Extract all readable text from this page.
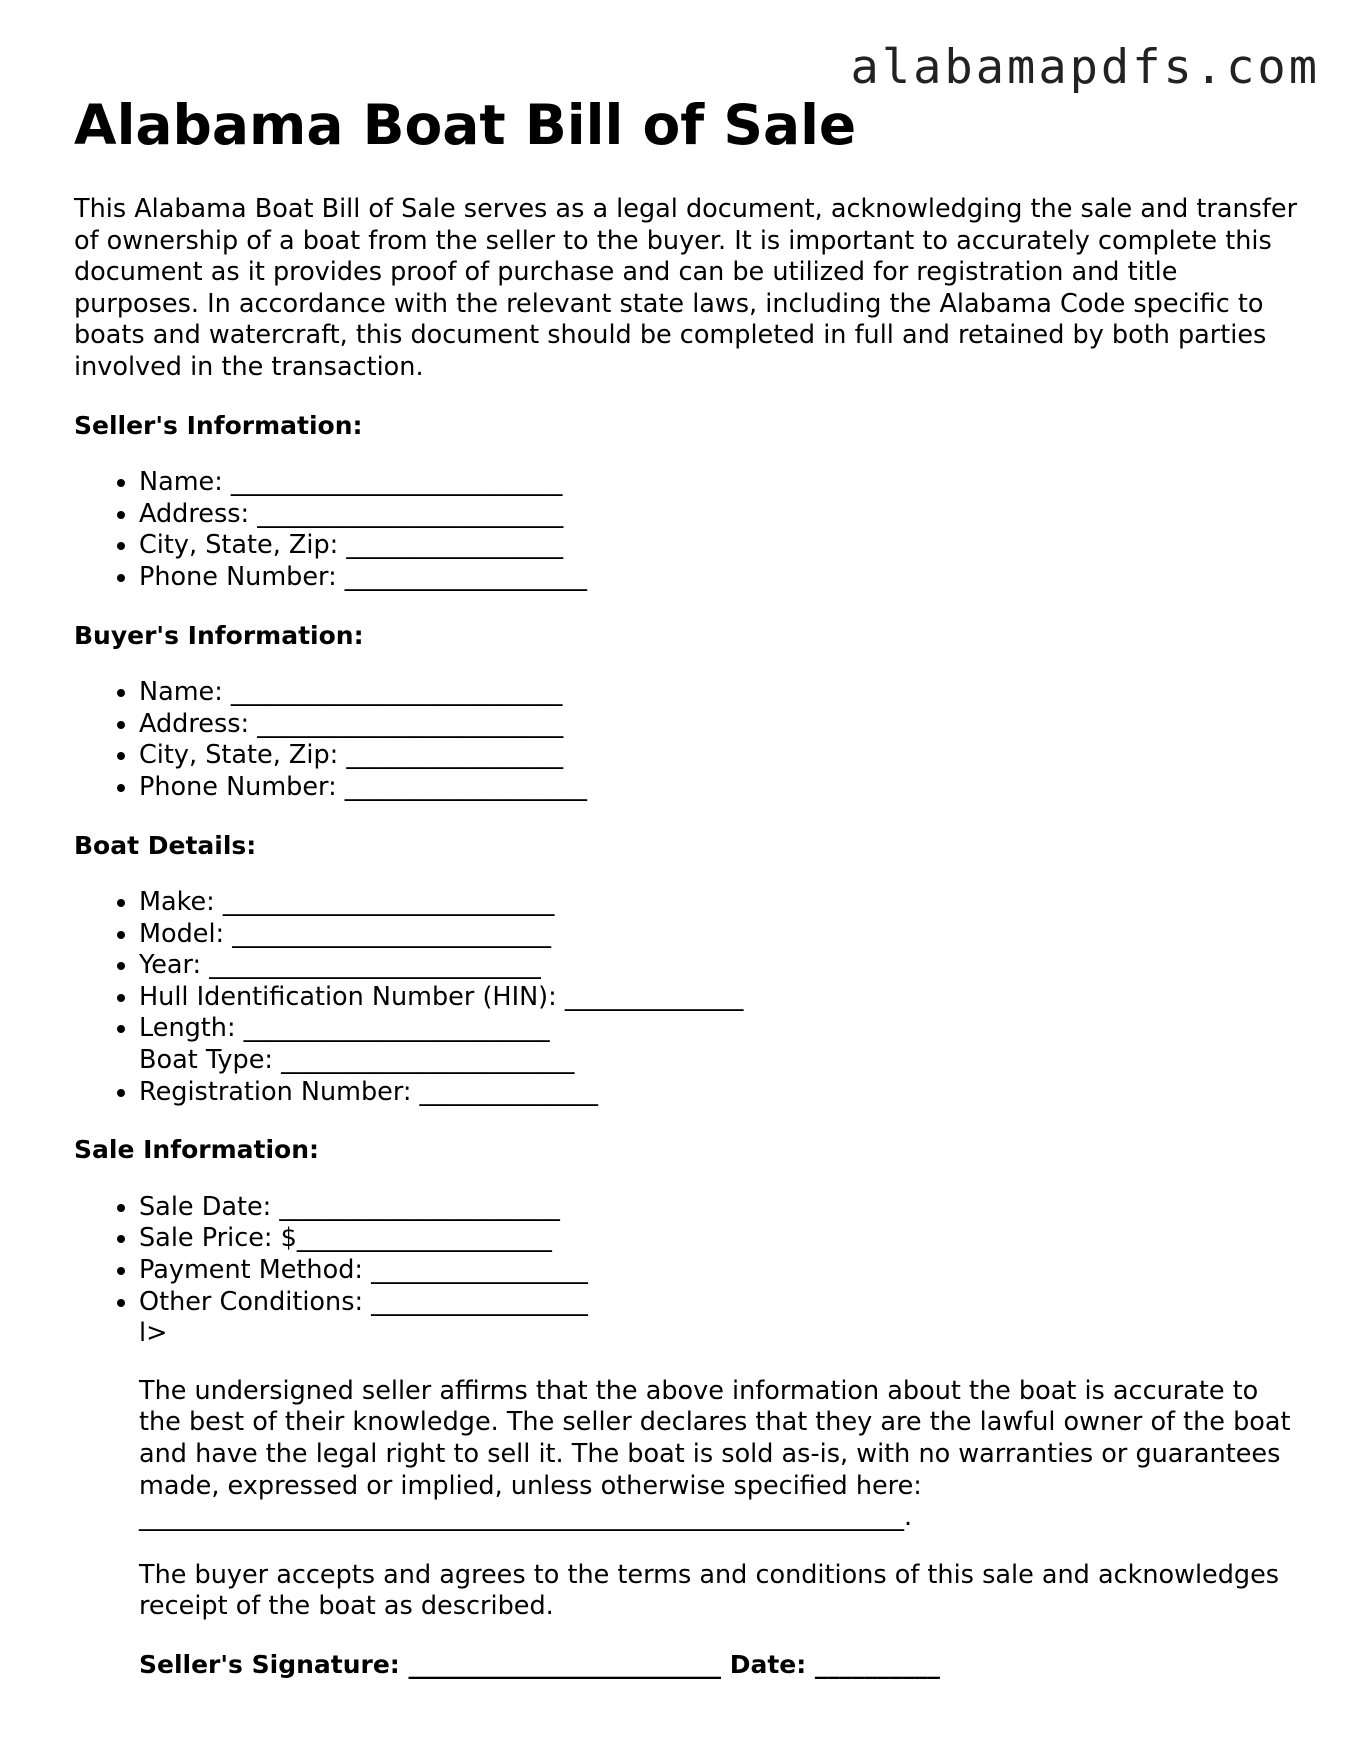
alabamapdfs.com
Alabama Boat Bill of Sale

This Alabama Boat Bill of Sale serves as a legal document, acknowledging the sale and transfer of ownership of a boat from the seller to the buyer. It is important to accurately complete this document as it provides proof of purchase and can be utilized for registration and title purposes. In accordance with the relevant state laws, including the Alabama Code specific to boats and watercraft, this document should be completed in full and retained by both parties involved in the transaction.

Seller's Information:

• Name: __________________________
• Address: ________________________
• City, State, Zip: _________________
• Phone Number: ___________________

Buyer's Information:

• Name: __________________________
• Address: ________________________
• City, State, Zip: _________________
• Phone Number: ___________________

Boat Details:

• Make: __________________________
• Model: _________________________
• Year: __________________________
• Hull Identification Number (HIN): ______________
• Length: ________________________
Boat Type: _______________________
• Registration Number: ______________

Sale Information:

• Sale Date: ______________________
• Sale Price: $____________________
• Payment Method: _________________
• Other Conditions: _________________
l>

The undersigned seller affirms that the above information about the boat is accurate to the best of their knowledge. The seller declares that they are the lawful owner of the boat and have the legal right to sell it. The boat is sold as-is, with no warranties or guarantees made, expressed or implied, unless otherwise specified here: ____________________________________________________________.

The buyer accepts and agrees to the terms and conditions of this sale and acknowledges receipt of the boat as described.

Seller's Signature: _________________________ Date: __________
